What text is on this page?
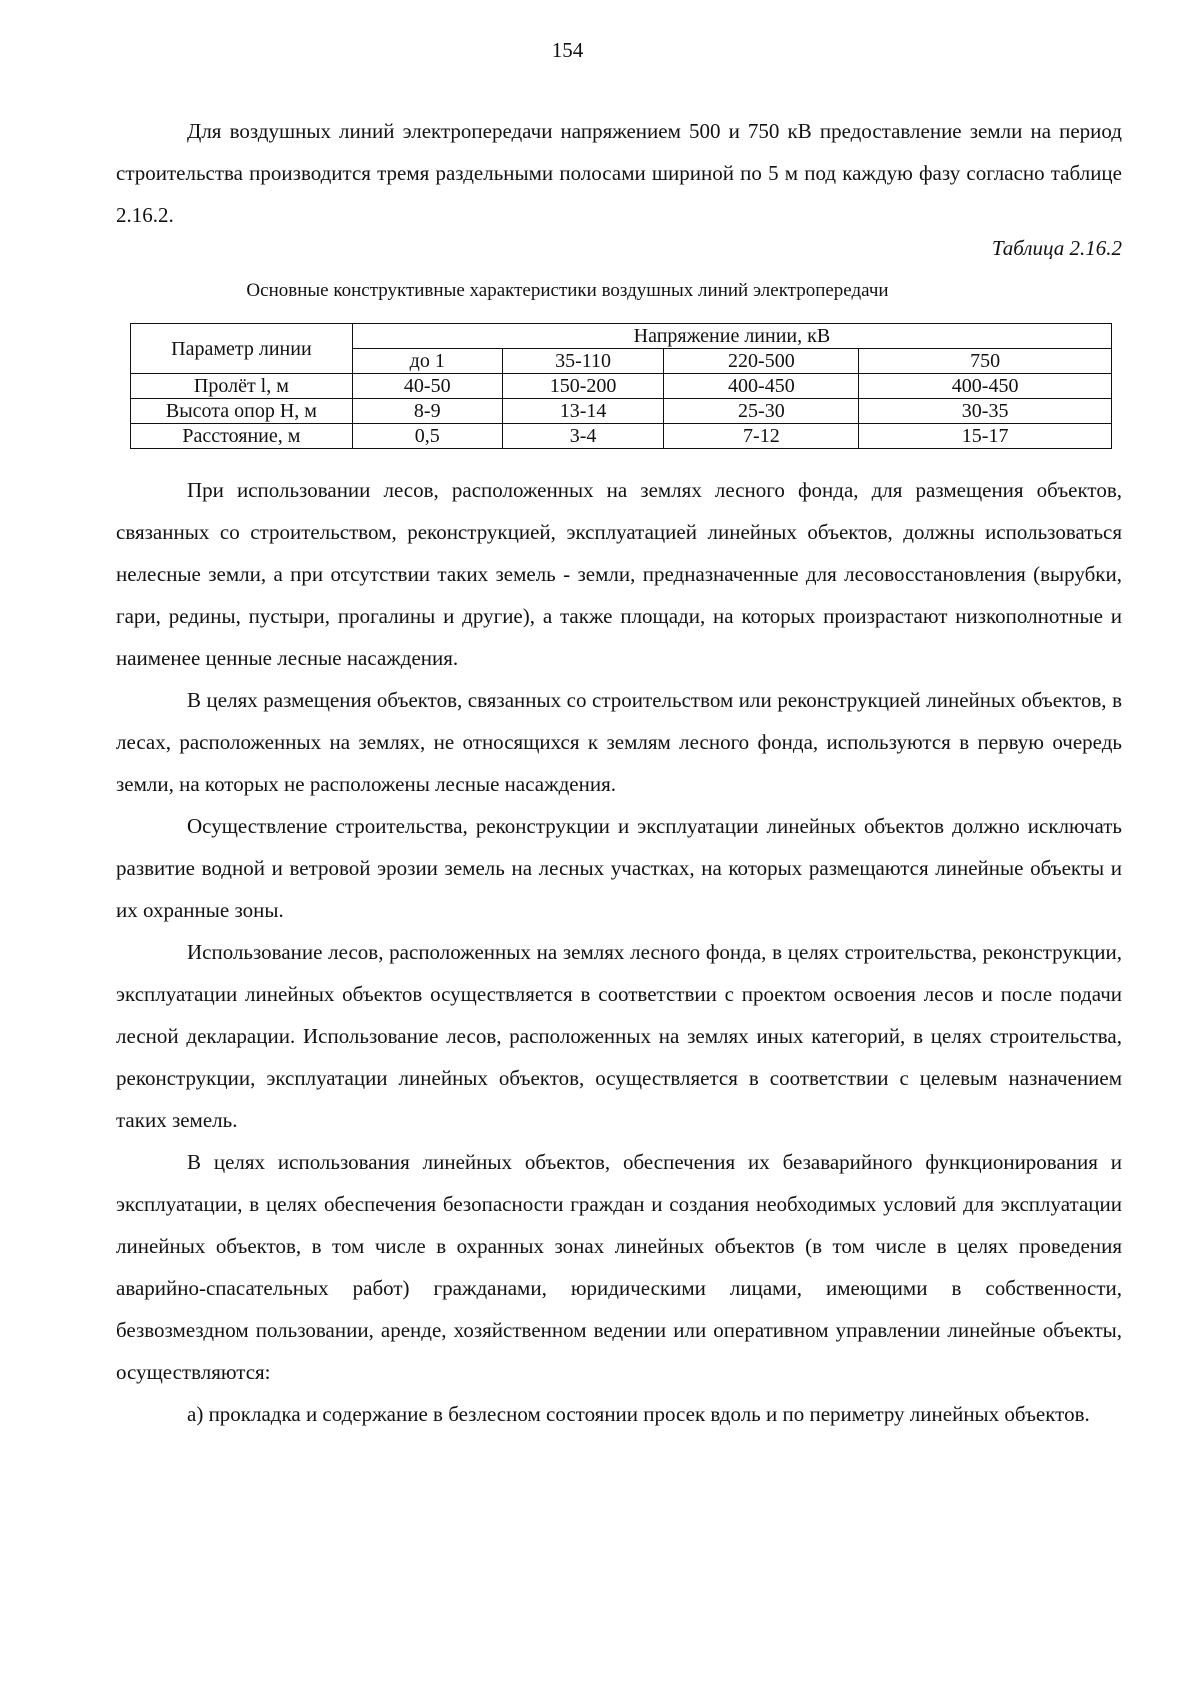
154

Для воздушных линий электропередачи напряжением 500 и 750 кВ предоставление земли на период строительства производится тремя раздельными полосами шириной по 5 м под каждую фазу согласно таблице 2.16.2.

Таблица 2.16.2
Основные конструктивные характеристики воздушных линий электропередачи
Параметр линии	Напряжение линии, кВ			
	до 1	35-110	220-500	750
Пролёт l, м	40-50	150-200	400-450	400-450
Высота опор H, м	8-9	13-14	25-30	30-35
Расстояние, м	0,5	3-4	7-12	15-17

При использовании лесов, расположенных на землях лесного фонда, для размещения объектов, связанных со строительством, реконструкцией, эксплуатацией линейных объектов, должны использоваться нелесные земли, а при отсутствии таких земель - земли, предназначенные для лесовосстановления (вырубки, гари, редины, пустыри, прогалины и другие), а также площади, на которых произрастают низкополнотные и наименее ценные лесные насаждения.

В целях размещения объектов, связанных со строительством или реконструкцией линейных объектов, в лесах, расположенных на землях, не относящихся к землям лесного фонда, используются в первую очередь земли, на которых не расположены лесные насаждения.

Осуществление строительства, реконструкции и эксплуатации линейных объектов должно исключать развитие водной и ветровой эрозии земель на лесных участках, на которых размещаются линейные объекты и их охранные зоны.

Использование лесов, расположенных на землях лесного фонда, в целях строительства, реконструкции, эксплуатации линейных объектов осуществляется в соответствии с проектом освоения лесов и после подачи лесной декларации. Использование лесов, расположенных на землях иных категорий, в целях строительства, реконструкции, эксплуатации линейных объектов, осуществляется в соответствии с целевым назначением таких земель.

В целях использования линейных объектов, обеспечения их безаварийного функционирования и эксплуатации, в целях обеспечения безопасности граждан и создания необходимых условий для эксплуатации линейных объектов, в том числе в охранных зонах линейных объектов (в том числе в целях проведения аварийно-спасательных работ) гражданами, юридическими лицами, имеющими в собственности, безвозмездном пользовании, аренде, хозяйственном ведении или оперативном управлении линейные объекты, осуществляются:

а) прокладка и содержание в безлесном состоянии просек вдоль и по периметру линейных объектов.
